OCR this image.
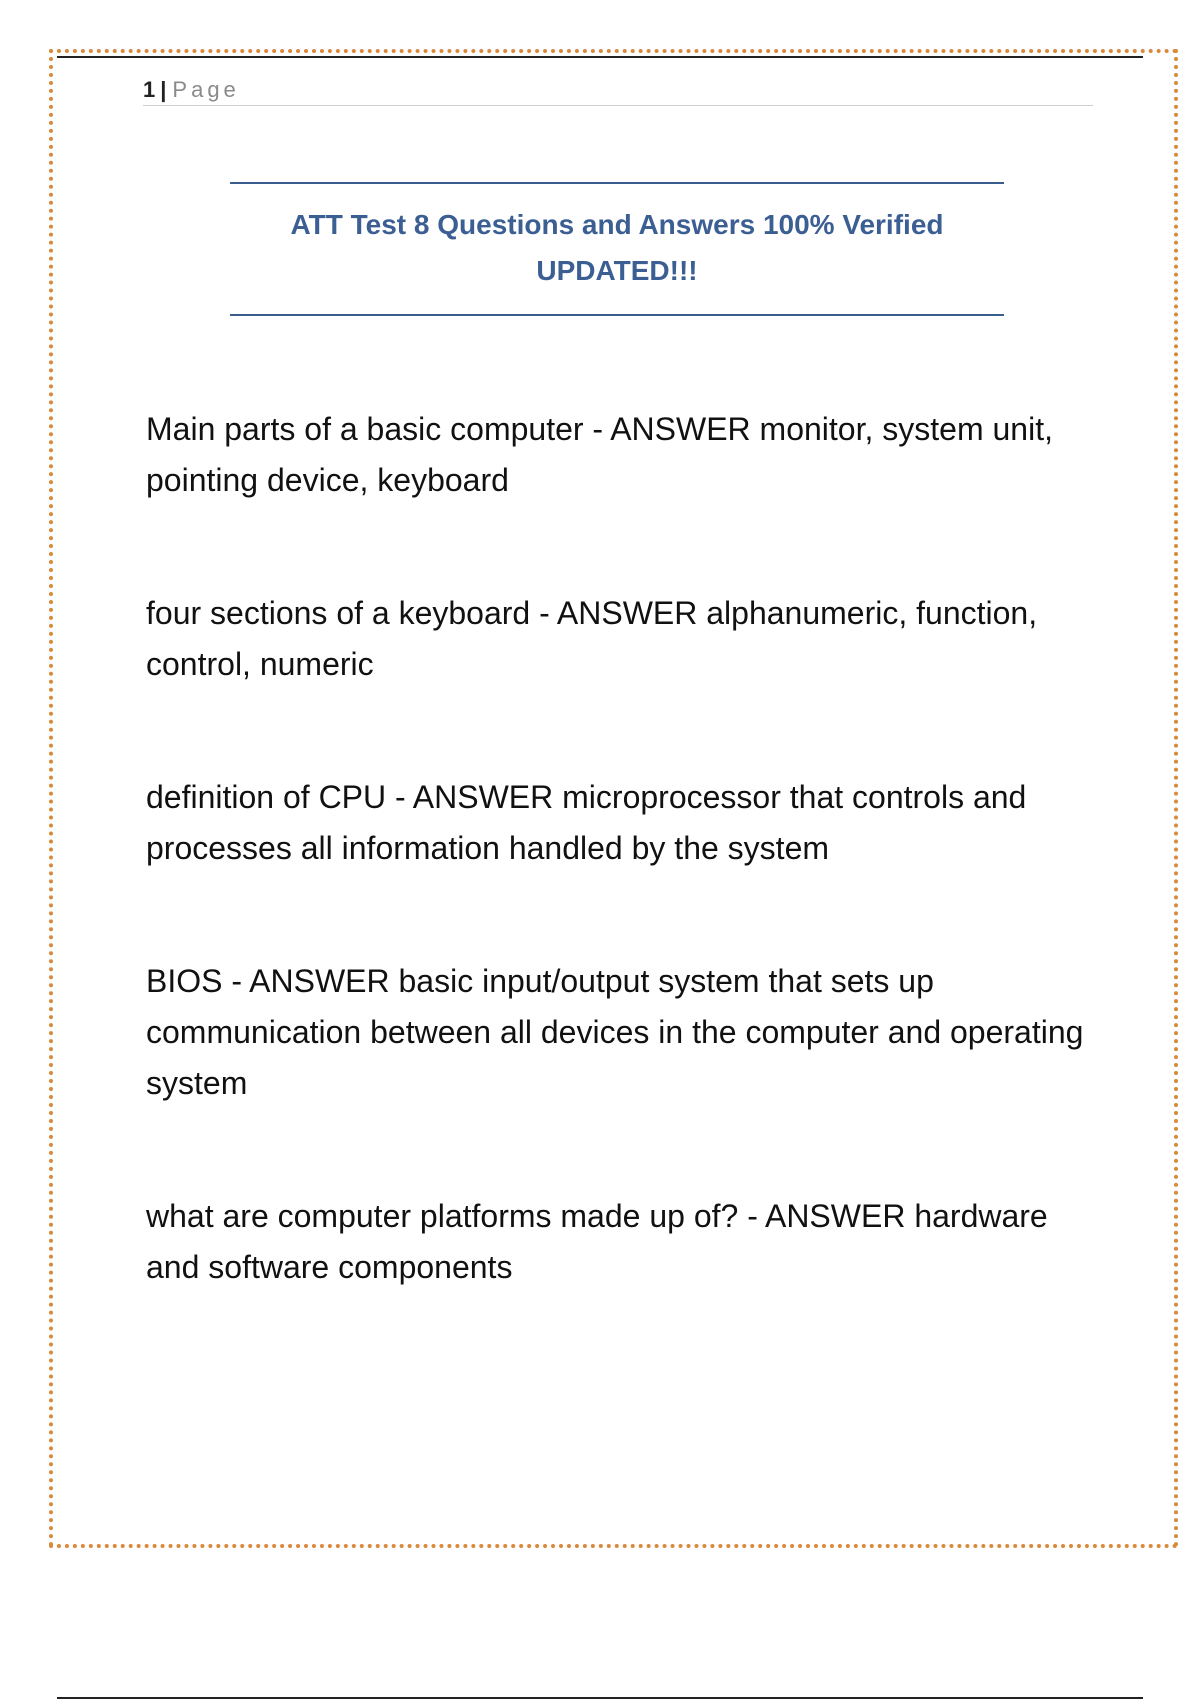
1 | Page
ATT Test 8 Questions and Answers 100% Verified
UPDATED!!!
Main parts of a basic computer - ANSWER monitor, system unit, pointing device, keyboard
four sections of a keyboard - ANSWER alphanumeric, function, control, numeric
definition of CPU - ANSWER microprocessor that controls and processes all information handled by the system
BIOS - ANSWER basic input/output system that sets up communication between all devices in the computer and operating system
what are computer platforms made up of? - ANSWER hardware and software components
